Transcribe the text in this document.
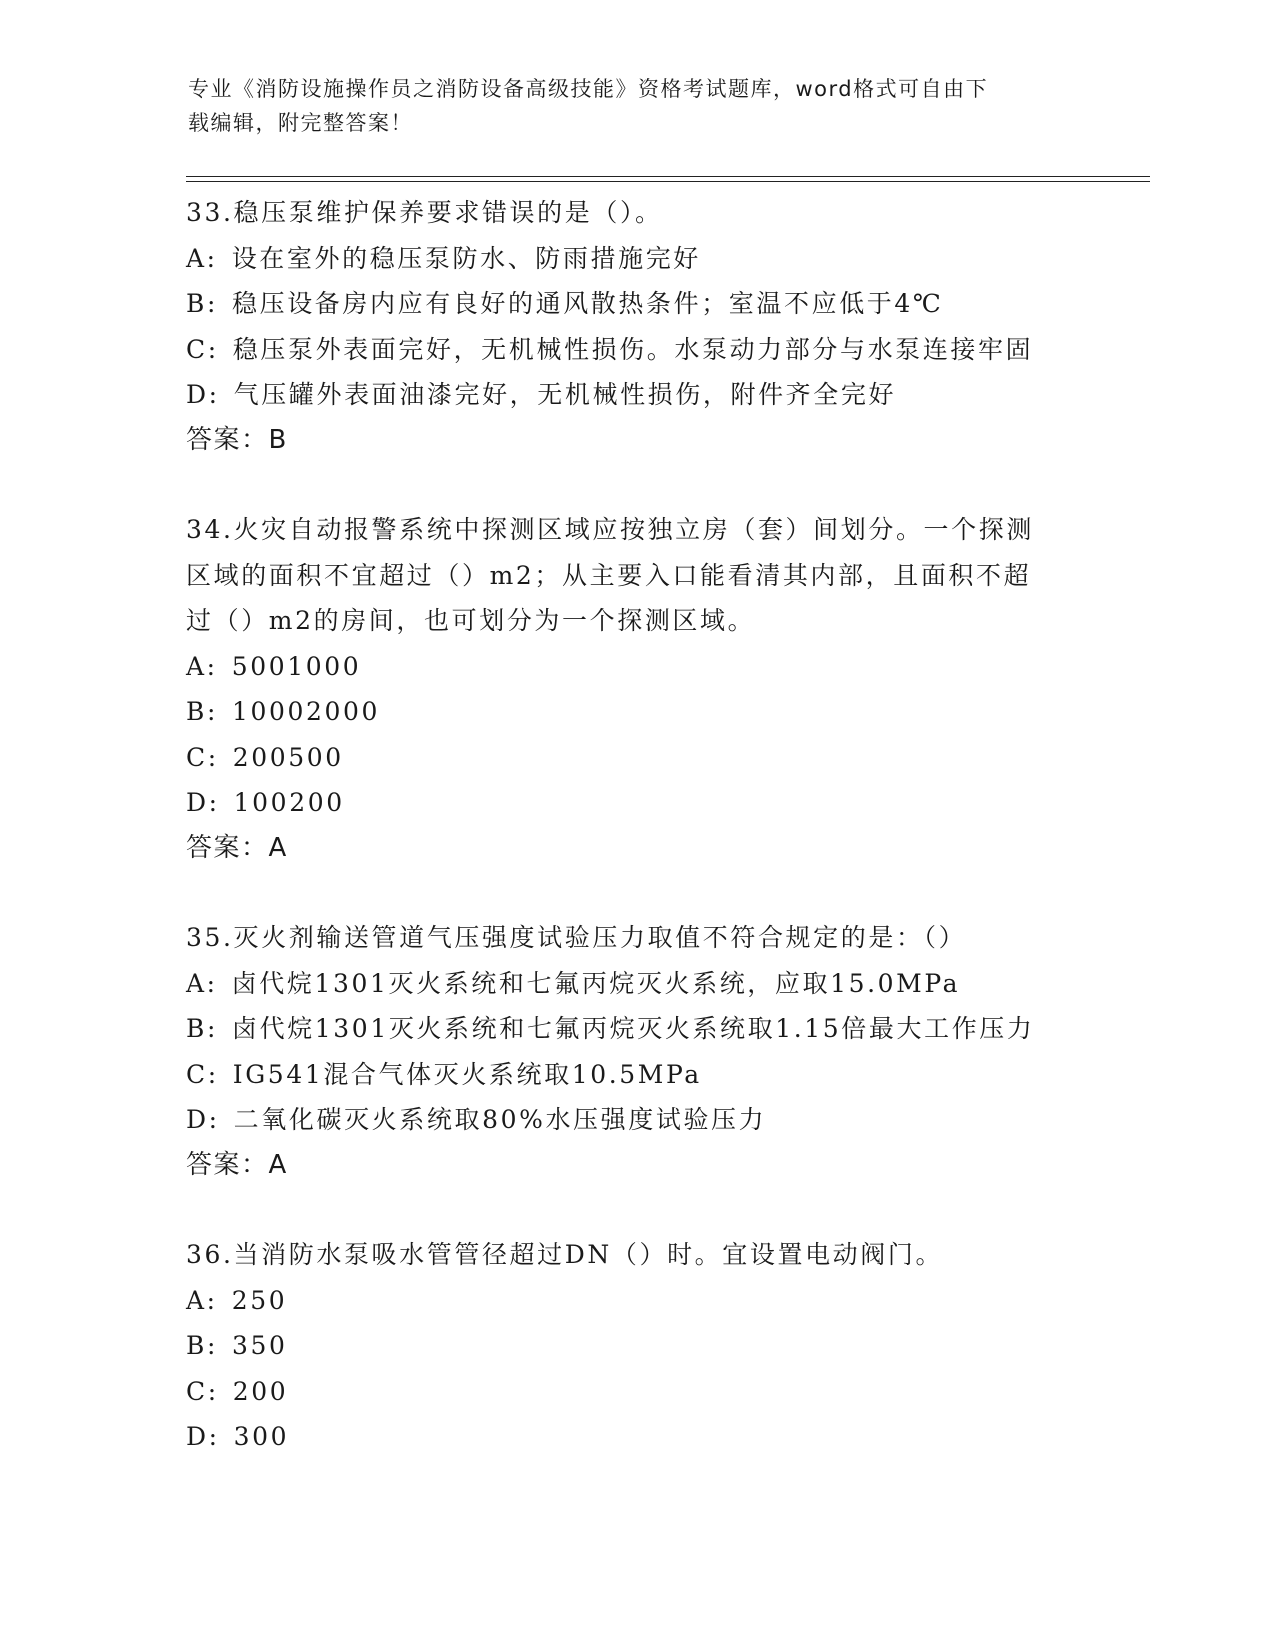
专业《消防设施操作员之消防设备高级技能》资格考试题库，word格式可自由下
载编辑，附完整答案！
33.稳压泵维护保养要求错误的是（）。
A: 设在室外的稳压泵防水、防雨措施完好
B: 稳压设备房内应有良好的通风散热条件；室温不应低于4℃
C: 稳压泵外表面完好，无机械性损伤。水泵动力部分与水泵连接牢固
D: 气压罐外表面油漆完好，无机械性损伤，附件齐全完好
答案：B
34.火灾自动报警系统中探测区域应按独立房（套）间划分。一个探测
区域的面积不宜超过（）m2；从主要入口能看清其内部，且面积不超
过（）m2的房间，也可划分为一个探测区域。
A: 5001000
B: 10002000
C: 200500
D: 100200
答案：A
35.灭火剂输送管道气压强度试验压力取值不符合规定的是：（）
A: 卤代烷1301灭火系统和七氟丙烷灭火系统，应取15.0MPa
B: 卤代烷1301灭火系统和七氟丙烷灭火系统取1.15倍最大工作压力
C: IG541混合气体灭火系统取10.5MPa
D: 二氧化碳灭火系统取80%水压强度试验压力
答案：A
36.当消防水泵吸水管管径超过DN（）时。宜设置电动阀门。
A: 250
B: 350
C: 200
D: 300
